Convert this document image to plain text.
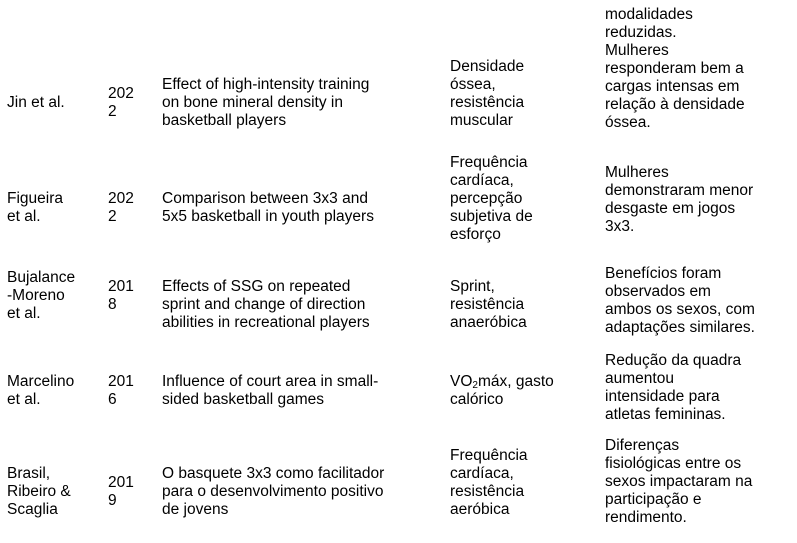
modalidades
reduzidas.
Mulheres
responderam bem a
cargas intensas em
relação à densidade
óssea.
Jin et al.
202
2
Effect of high-intensity training
on bone mineral density in
basketball players
Densidade
óssea,
resistência
muscular
Figueira
et al.
202
2
Comparison between 3x3 and
5x5 basketball in youth players
Frequência
cardíaca,
percepção
subjetiva de
esforço
Mulheres
demonstraram menor
desgaste em jogos
3x3.
Bujalance
-Moreno
et al.
201
8
Effects of SSG on repeated
sprint and change of direction
abilities in recreational players
Sprint,
resistência
anaeróbica
Benefícios foram
observados em
ambos os sexos, com
adaptações similares.
Marcelino
et al.
201
6
Influence of court area in small-
sided basketball games
$VO_2máx$, gasto
calórico
Redução da quadra
aumentou
intensidade para
atletas femininas.
Brasil,
Ribeiro &
Scaglia
201
9
O basquete 3x3 como facilitador
para o desenvolvimento positivo
de jovens
Frequência
cardíaca,
resistência
aeróbica
Diferenças
fisiológicas entre os
sexos impactaram na
participação e
rendimento.
